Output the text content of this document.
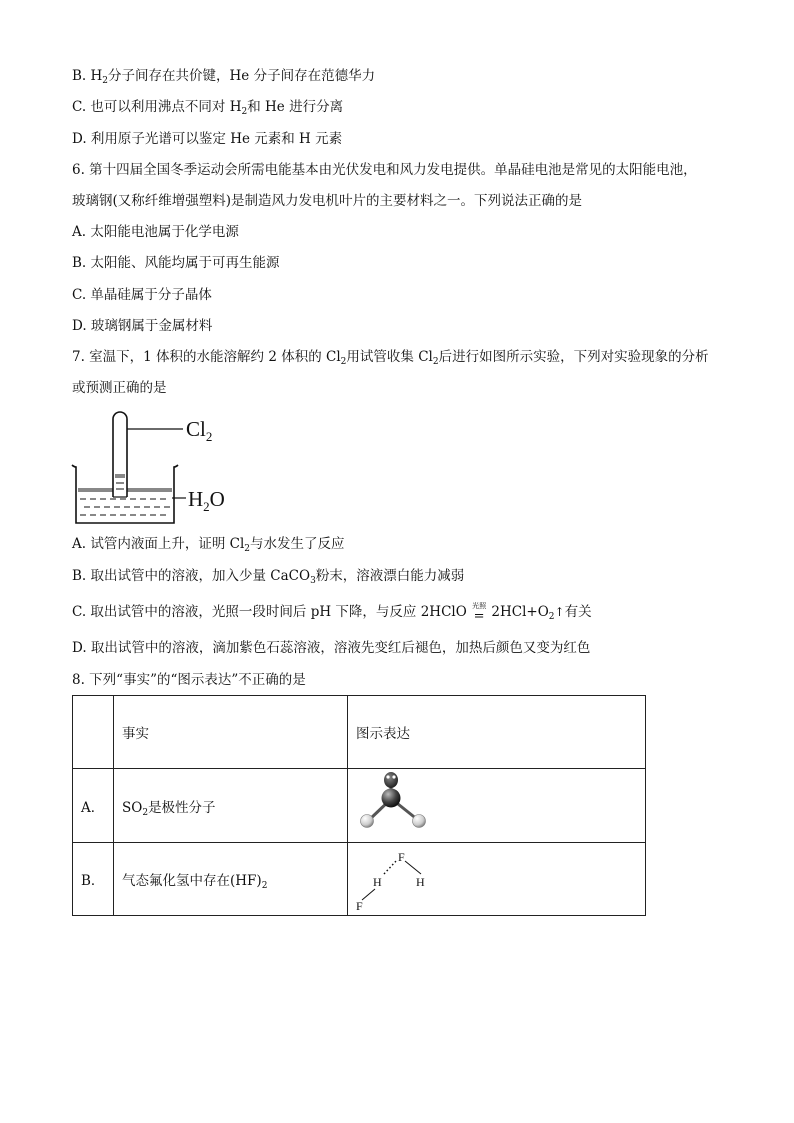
B. $H_2$分子间存在共价键，He 分子间存在范德华力
C. 也可以利用沸点不同对 $H_2$和 He 进行分离
D. 利用原子光谱可以鉴定 He 元素和 H 元素
6. 第十四届全国冬季运动会所需电能基本由光伏发电和风力发电提供。单晶硅电池是常见的太阳能电池，
玻璃钢(又称纤维增强塑料)是制造风力发电机叶片的主要材料之一。下列说法正确的是
A. 太阳能电池属于化学电源
B. 太阳能、风能均属于可再生能源
C. 单晶硅属于分子晶体
D. 玻璃钢属于金属材料
7. 室温下，1 体积的水能溶解约 2 体积的 $Cl_2$用试管收集 $Cl_2$后进行如图所示实验，下列对实验现象的分析
或预测正确的是
$Cl_2$
$H_2O$
A. 试管内液面上升，证明 $Cl_2$与水发生了反应
B. 取出试管中的溶液，加入少量 CaCO$_3$粉末，溶液漂白能力减弱
C. 取出试管中的溶液，光照一段时间后 pH 下降，与反应 2HClO 光照
= $2HCl+O_2↑$有关
D. 取出试管中的溶液，滴加紫色石蕊溶液，溶液先变红后褪色，加热后颜色又变为红色
8. 下列“事实”的“图示表达”不正确的是
	事实	图示表达
A．	$SO_2$是极性分子	
B．	气态氟化氢中存在$(HF)_2$	F
H
H
F
